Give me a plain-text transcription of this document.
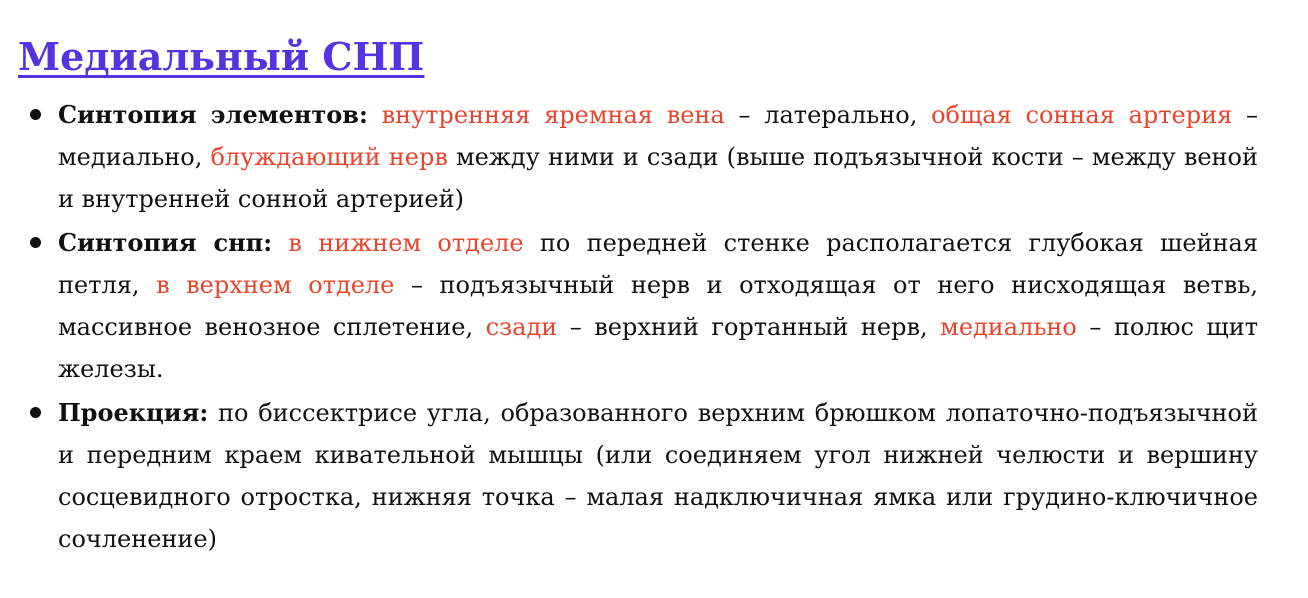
Медиальный СНП
Синтопия элементов: внутренняя яремная вена – латерально, общая сонная артерия – медиально, блуждающий нерв между ними и сзади (выше подъязычной кости – между веной и внутренней сонной артерией)
Синтопия снп: в нижнем отделе по передней стенке располагается глубокая шейная петля, в верхнем отделе – подъязычный нерв и отходящая от него нисходящая ветвь, массивное венозное сплетение, сзади – верхний гортанный нерв, медиально – полюс щит железы.
Проекция: по биссектрисе угла, образованного верхним брюшком лопаточно-подъязычной и передним краем кивательной мышцы (или соединяем угол нижней челюсти и вершину сосцевидного отростка, нижняя точка – малая надключичная ямка или грудино-ключичное сочленение)
